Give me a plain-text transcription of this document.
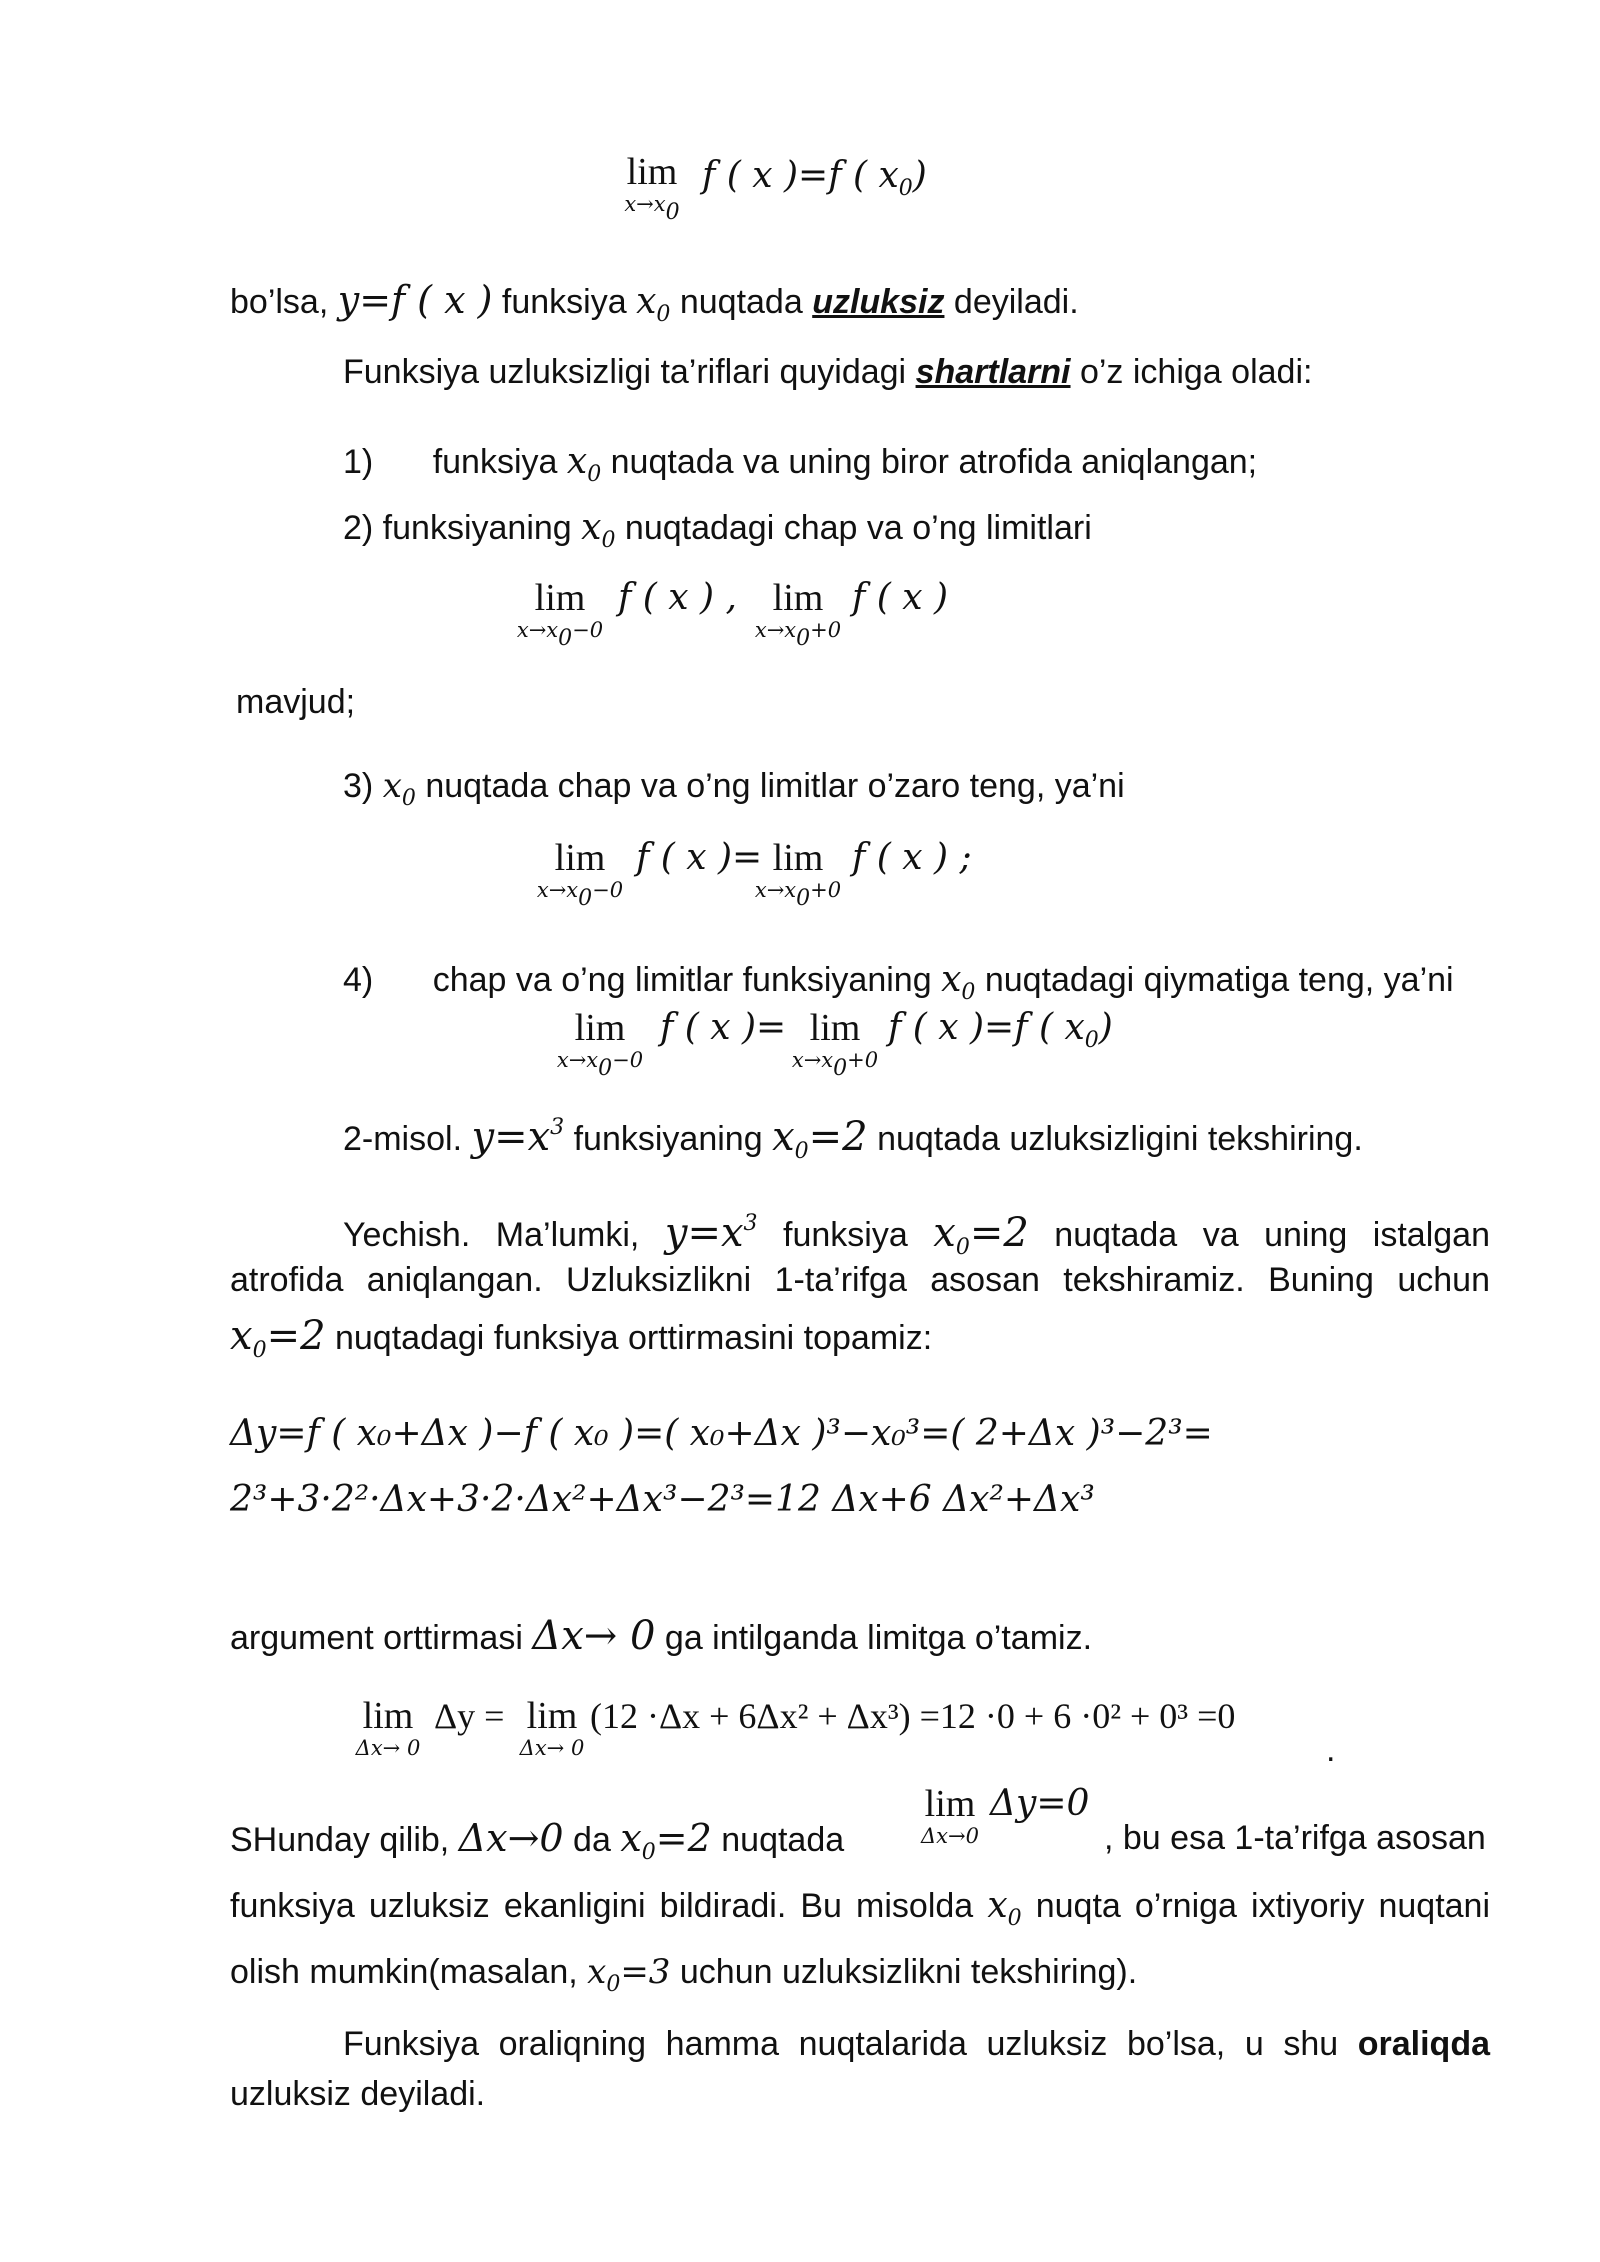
lim
x→x0
f ( x )=f ( $x_0$)
bo’lsa, y=f ( x ) funksiya $x_0$ nuqtada uzluksiz deyiladi.
Funksiya uzluksizligi ta’riflari quyidagi shartlarni o’z ichiga oladi:
1) funksiya $x_0$ nuqtada va uning biror atrofida aniqlangan;
2) funksiyaning $x_0$ nuqtadagi chap va o’ng limitlari
lim
x→x0−0
f ( x ) , lim
x→x0+0
f ( x )
mavjud;
3) $x_0$ nuqtada chap va o’ng limitlar o’zaro teng, ya’ni
lim
x→x0−0
f ( x )= lim
x→x0+0
f ( x ) ;
4) chap va o’ng limitlar funksiyaning $x_0$ nuqtadagi qiymatiga teng, ya’ni
lim
x→x0−0
f ( x )= lim
x→x0+0
f ( x )=f ( $x_0$)
2-misol. $y=x^3$ funksiyaning $x_0=2$ nuqtada uzluksizligini tekshiring.
Yechish. Ma’lumki, $y=x^3$ funksiya $x_0=2$ nuqtada va uning istalgan
atrofida aniqlangan. Uzluksizlikni 1-ta’rifga asosan tekshiramiz. Buning uchun
$x_0=2$ nuqtadagi funksiya orttirmasini topamiz:
Δy=f ( x₀+Δx )−f ( x₀ )=( x₀+Δx )³−x₀³=( 2+Δx )³−2³=
2³+3·2²·Δx+3·2·Δx²+Δx³−2³=12 Δx+6 Δx²+Δx³
argument orttirmasi Δx→ 0 ga intilganda limitga o’tamiz.
lim
Δx→ 0
Δy = lim
Δx→ 0
(12 ·Δx + 6Δx² + Δx³) =12 ·0 + 6 ·0² + 0³ =0
.
SHunday qilib, Δx→0 da $x_0=2$ nuqtada
lim
Δx→0
Δy=0
, bu esa 1-ta’rifga asosan
funksiya uzluksiz ekanligini bildiradi. Bu misolda $x_0$ nuqta o’rniga ixtiyoriy nuqtani
olish mumkin(masalan, $x_0=3$ uchun uzluksizlikni tekshiring).
Funksiya oraliqning hamma nuqtalarida uzluksiz bo’lsa, u shu oraliqda
uzluksiz deyiladi.
